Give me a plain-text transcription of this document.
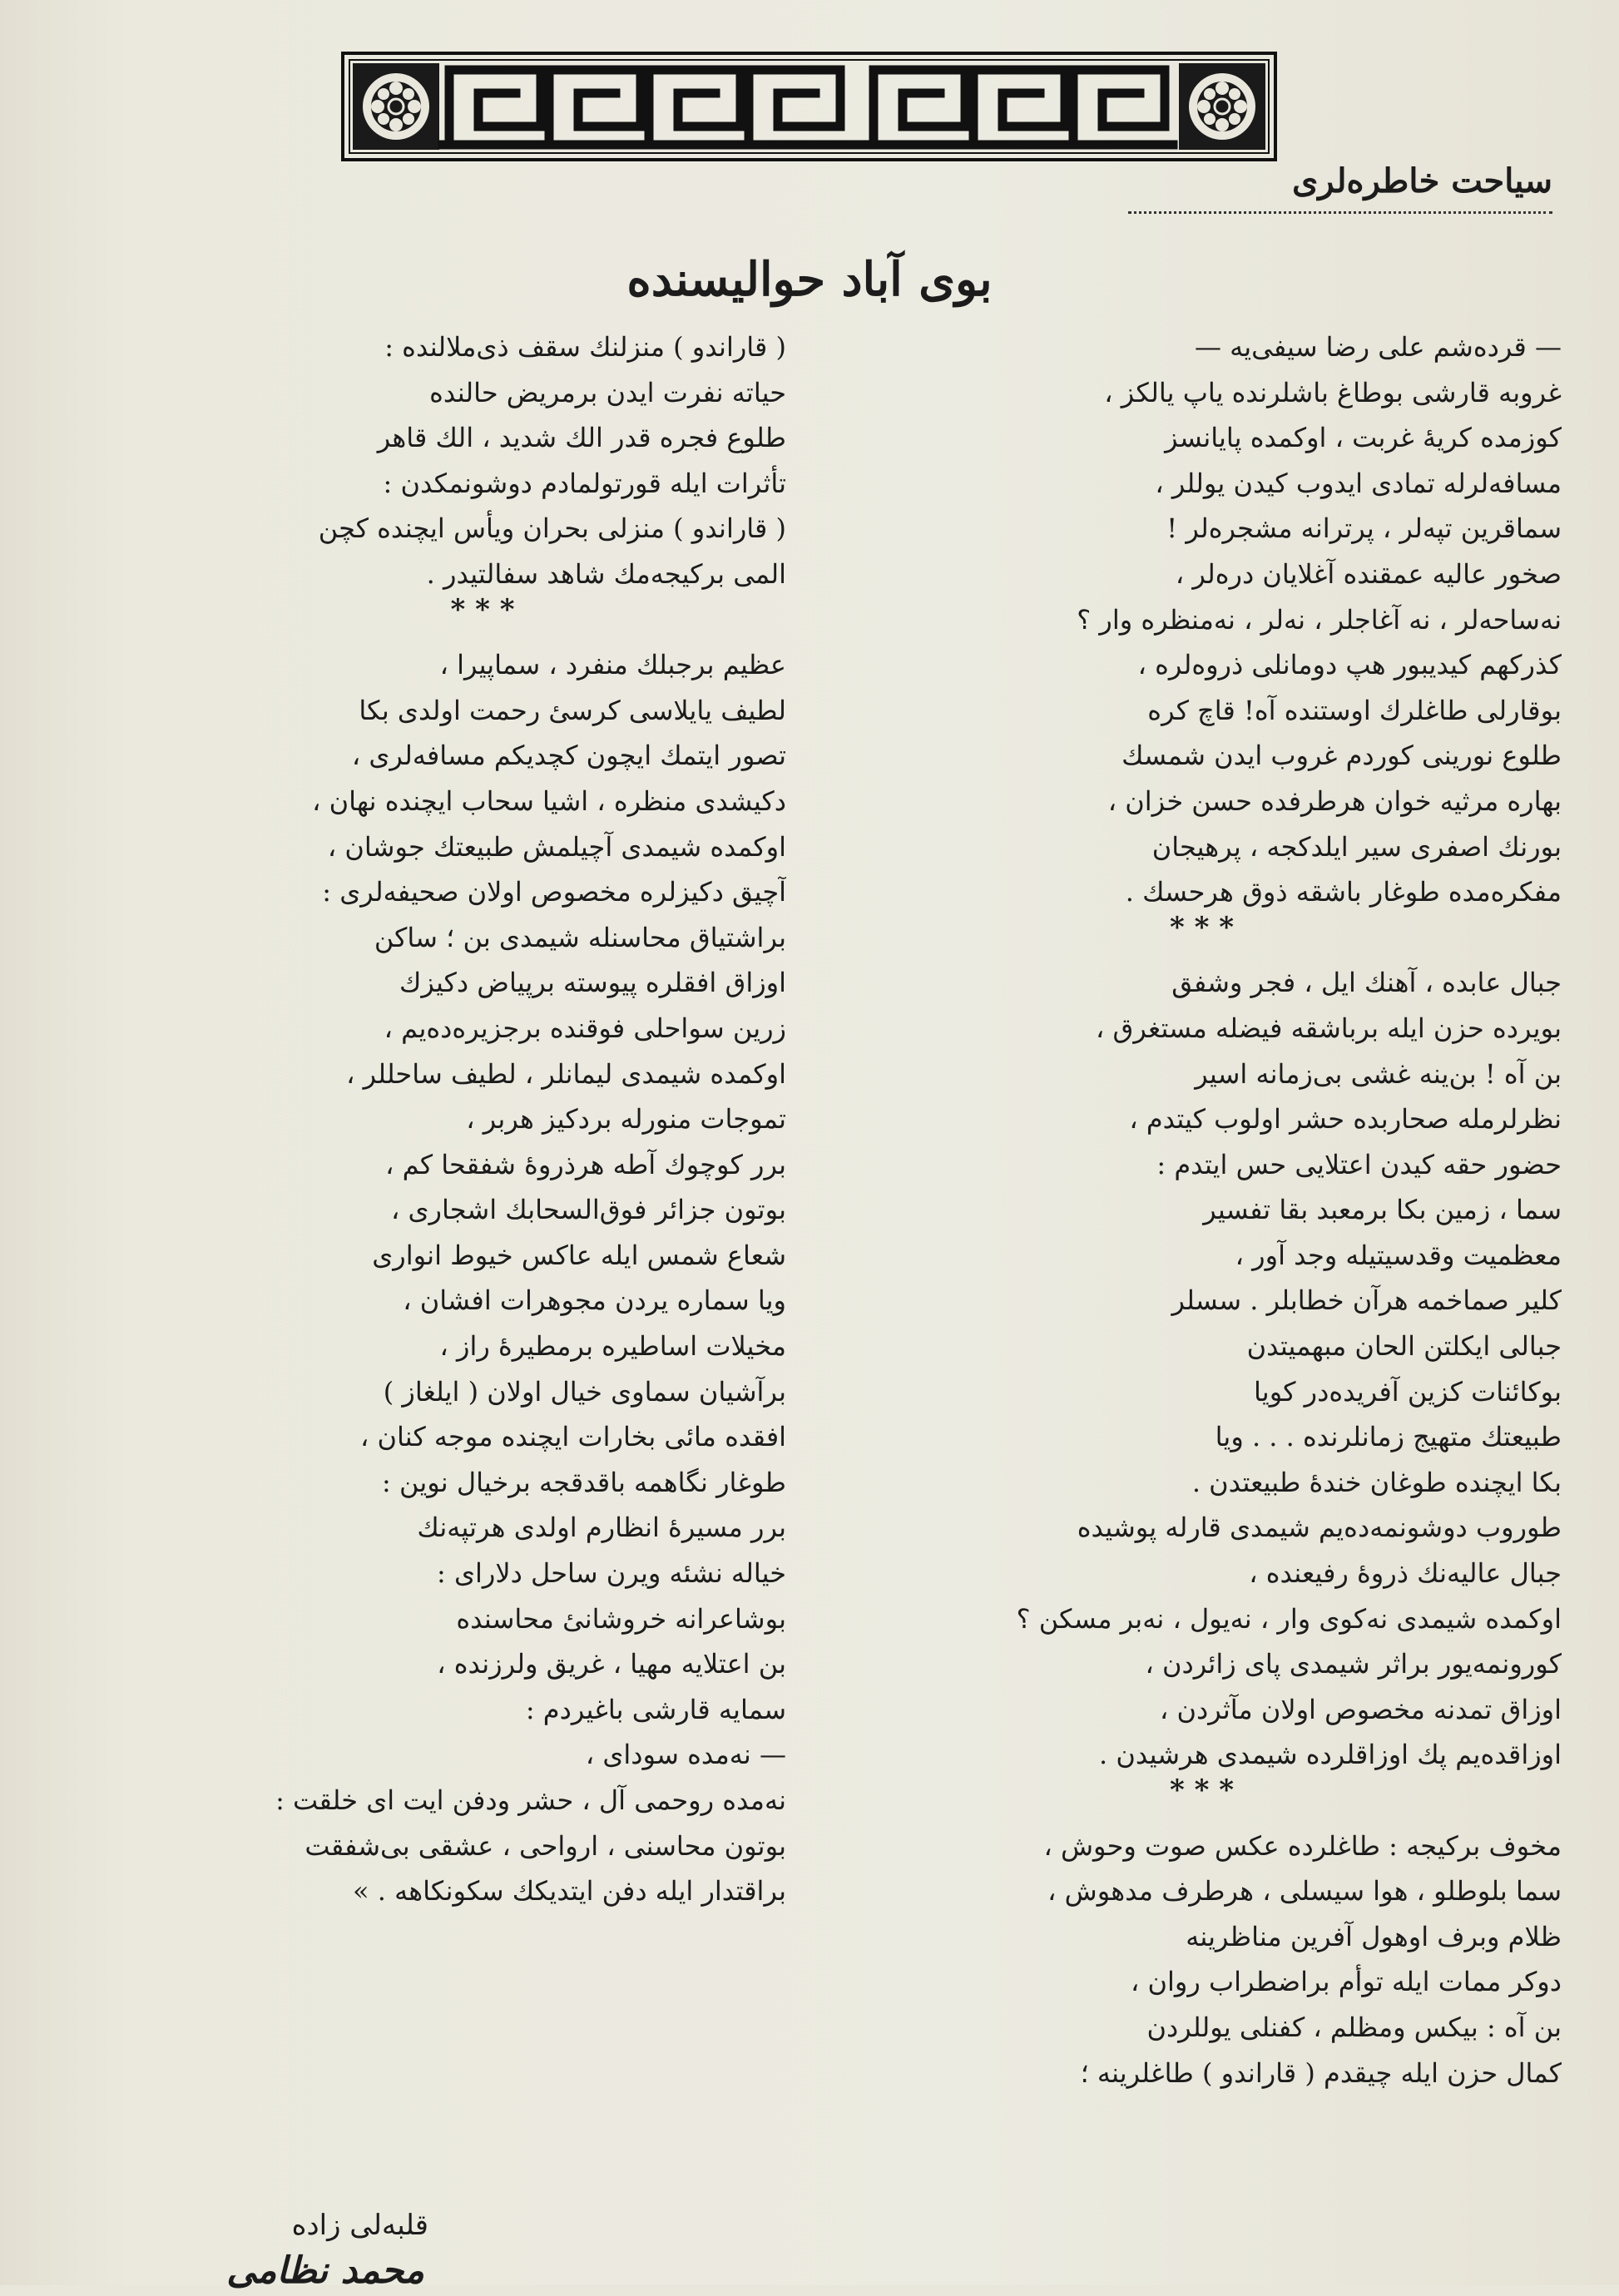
سیاحت خاطره‌لری
بوی آباد حوالیسنده
— قرده‌شم علی رضا سیفی‌یه —
غروبه قارشی بوطاغ باشلرنده یاپ یالکز ،
کوزمده کریهٔ غربت ، اوکمده پایانسز
مسافه‌لرله تمادی ایدوب کیدن یوللر ،
سماقرین تپه‌لر ، پرترانه مشجره‌لر !
صخور عالیه عمقنده آغلایان دره‌لر ،
نه‌ساحه‌لر ، نه آغاجلر ، نه‌لر ، نه‌منظره وار ؟
کذرکهم کیدیبور هپ دومانلی ذروه‌لره ،
بوقارلی طاغلرك اوستنده آه! قاچ کره
طلوع نورینی کوردم غروب ایدن شمسك
بهاره مرثیه خوان هرطرفده حسن خزان ،
بورنك اصفری سیر ایلدکجه ، پرهیجان
مفکره‌مده طوغار باشقه ذوق هرحسك .
* * *
جبال عابده ، آهنك ایل ، فجر وشفق
بویرده حزن ایله برباشقه فیضله مستغرق ،
بن آه ! بن‌ینه غشی بی‌زمانه اسیر
نظرلرمله صحاربده حشر اولوب کیتدم ،
حضور حقه کیدن اعتلایی حس ایتدم :
سما ، زمین بکا برمعبد بقا تفسیر
معظمیت وقدسیتیله وجد آور ،
کلیر صماخمه هرآن خطابلر . سسلر
جبالی ایکلتن الحان مبهمیتدن
بوکائنات کزین آفریده‌در کویا
طبیعتك متهیج زمانلرنده . . . ویا
بکا ایچنده طوغان خندهٔ طبیعتدن .
طوروب دوشونمه‌دەیم شیمدی قارله پوشیده
جبال عالیه‌نك ذروهٔ رفیعنده ،
اوکمده شیمدی نه‌کوی وار ، نه‌یول ، نه‌بر مسکن ؟
کورونمه‌یور براثر شیمدی پای زائردن ،
اوزاق تمدنه مخصوص اولان مآثردن ،
اوزاقده‌یم پك اوزاقلرده شیمدی هرشیدن .
* * *
مخوف برکیجه : طاغلرده عکس صوت وحوش ،
سما بلوطلو ، هوا سیسلی ، هرطرف مدهوش ،
ظلام وبرف اوهول آفرین مناظرینه
دوکر ممات ایله توأم براضطراب روان ،
بن آه : بیکس ومظلم ، کفنلی یوللردن
کمال حزن ایله چیقدم ( قاراندو ) طاغلرینه ؛
( قاراندو ) منزلنك سقف ذی‌ملالنده :
حیاته نفرت ایدن برمریض حالنده
طلوع فجره قدر الك شدید ، الك قاهر
تأثرات ایله قورتولمادم دوشونمکدن :
( قاراندو ) منزلی بحران ویأس ایچنده کچن
المی برکیجه‌مك شاهد سفالتیدر .
* * *
عظیم برجبلك منفرد ، سماپیرا ،
لطیف یایلاسی کرسیٔ رحمت اولدی بکا
تصور ایتمك ایچون کچدیکم مسافه‌لری ،
دکیشدی منظره ، اشیا سحاب ایچنده نهان ،
اوکمده شیمدی آچیلمش طبیعتك جوشان ،
آچیق دکیزلره مخصوص اولان صحیفه‌لری :
براشتیاق محاسنله شیمدی بن ؛ ساکن
اوزاق افقلره پیوسته برپیاض دکیزك
زرین سواحلی فوقنده برجزیره‌ده‌یم ،
اوکمده شیمدی لیمانلر ، لطیف ساحللر ،
تموجات منورله بردکیز هربر ،
برر کوچوك آطه هرذروهٔ شفقحا کم ،
بوتون جزائر فوق‌السحابك اشجاری ،
شعاع شمس ایله عاکس خیوط انواری
ویا سماره یردن مجوهرات افشان ،
مخیلات اساطیره برمطیرهٔ راز ،
برآشیان سماوی خیال اولان ( ایلغاز )
افقده مائی بخارات ایچنده موجه کنان ،
طوغار نگاهمه باقدقجه برخیال نوین :
برر مسیرهٔ انظارم اولدی هرتپه‌نك
خیاله نشئه ویرن ساحل دلارای :
بوشاعرانه خروشانیٔ محاسنده
بن اعتلایه مهیا ، غریق ولرزنده ،
سمایه قارشی باغیردم :
— نه‌مده سودای ،
نه‌مده روحمی آل ، حشر ودفن ایت ای خلقت :
بوتون محاسنی ، ارواحی ، عشقی بی‌شفقت
براقتدار ایله دفن ایتدیکك سکونکاهه . »
قلبه‌لی زاده
محمد نظامی
